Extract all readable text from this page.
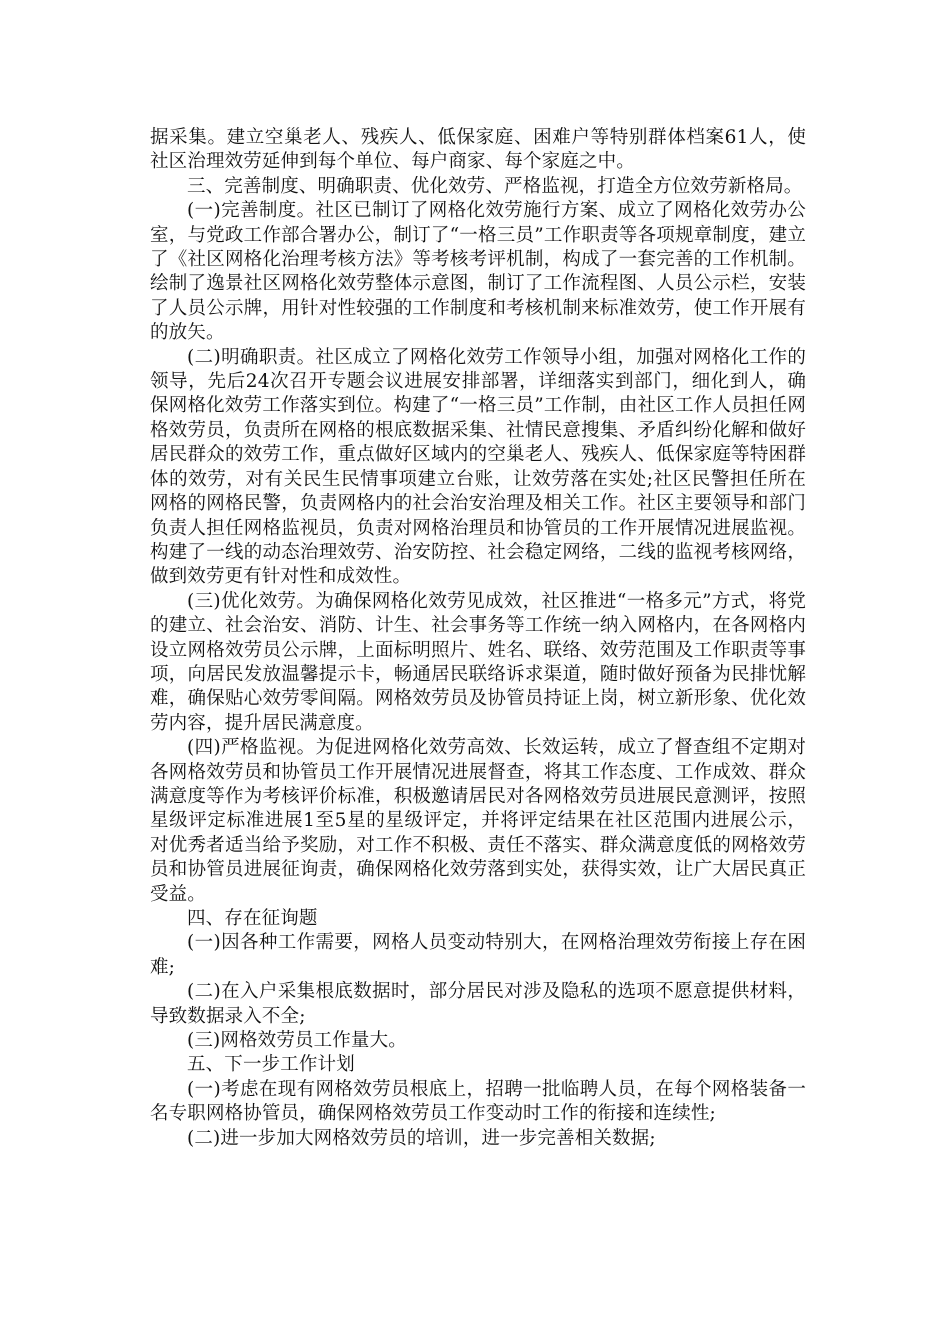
据采集。建立空巢老人、残疾人、低保家庭、困难户等特别群体档案61人，使社区治理效劳延伸到每个单位、每户商家、每个家庭之中。

三、完善制度、明确职责、优化效劳、严格监视，打造全方位效劳新格局。

(一)完善制度。社区已制订了网格化效劳施行方案、成立了网格化效劳办公室，与党政工作部合署办公，制订了“一格三员”工作职责等各项规章制度，建立了《社区网格化治理考核方法》等考核考评机制，构成了一套完善的工作机制。绘制了逸景社区网格化效劳整体示意图，制订了工作流程图、人员公示栏，安装了人员公示牌，用针对性较强的工作制度和考核机制来标准效劳，使工作开展有的放矢。

(二)明确职责。社区成立了网格化效劳工作领导小组，加强对网格化工作的领导，先后24次召开专题会议进展安排部署，详细落实到部门，细化到人，确保网格化效劳工作落实到位。构建了“一格三员”工作制，由社区工作人员担任网格效劳员，负责所在网格的根底数据采集、社情民意搜集、矛盾纠纷化解和做好居民群众的效劳工作，重点做好区域内的空巢老人、残疾人、低保家庭等特困群体的效劳，对有关民生民情事项建立台账，让效劳落在实处;社区民警担任所在网格的网格民警，负责网格内的社会治安治理及相关工作。社区主要领导和部门负责人担任网格监视员，负责对网格治理员和协管员的工作开展情况进展监视。构建了一线的动态治理效劳、治安防控、社会稳定网络，二线的监视考核网络，做到效劳更有针对性和成效性。

(三)优化效劳。为确保网格化效劳见成效，社区推进“一格多元”方式，将党的建立、社会治安、消防、计生、社会事务等工作统一纳入网格内，在各网格内设立网格效劳员公示牌，上面标明照片、姓名、联络、效劳范围及工作职责等事项，向居民发放温馨提示卡，畅通居民联络诉求渠道，随时做好预备为民排忧解难，确保贴心效劳零间隔。网格效劳员及协管员持证上岗，树立新形象、优化效劳内容，提升居民满意度。

(四)严格监视。为促进网格化效劳高效、长效运转，成立了督查组不定期对各网格效劳员和协管员工作开展情况进展督查，将其工作态度、工作成效、群众满意度等作为考核评价标准，积极邀请居民对各网格效劳员进展民意测评，按照星级评定标准进展1至5星的星级评定，并将评定结果在社区范围内进展公示，对优秀者适当给予奖励，对工作不积极、责任不落实、群众满意度低的网格效劳员和协管员进展征询责，确保网格化效劳落到实处，获得实效，让广大居民真正受益。

四、存在征询题

(一)因各种工作需要，网格人员变动特别大，在网格治理效劳衔接上存在困难;

(二)在入户采集根底数据时，部分居民对涉及隐私的选项不愿意提供材料，导致数据录入不全;

(三)网格效劳员工作量大。

五、下一步工作计划

(一)考虑在现有网格效劳员根底上，招聘一批临聘人员，在每个网格装备一名专职网格协管员，确保网格效劳员工作变动时工作的衔接和连续性;

(二)进一步加大网格效劳员的培训，进一步完善相关数据;
